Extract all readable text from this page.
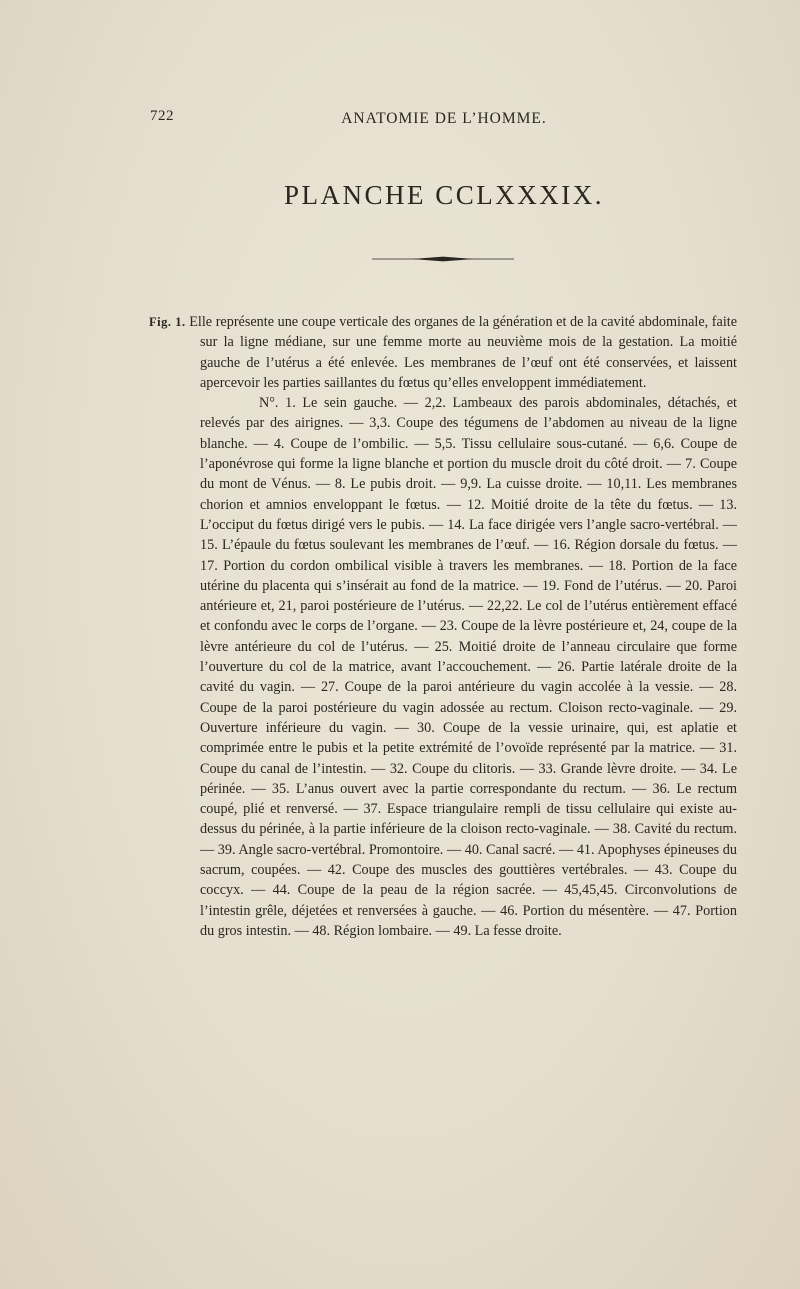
722	ANATOMIE DE L’HOMME.
PLANCHE CCLXXXIX.

Fig. 1. Elle représente une coupe verticale des organes de la génération et de la cavité abdominale, faite sur la ligne médiane, sur une femme morte au neuvième mois de la gestation. La moitié gauche de l’utérus a été enlevée. Les membranes de l’œuf ont été conservées, et laissent apercevoir les parties saillantes du fœtus qu’elles enveloppent immédiatement.

N°. 1. Le sein gauche. — 2,2. Lambeaux des parois abdominales, détachés, et relevés par des airignes. — 3,3. Coupe des tégumens de l’abdomen au niveau de la ligne blanche. — 4. Coupe de l’ombilic. — 5,5. Tissu cellulaire sous-cutané. — 6,6. Coupe de l’aponévrose qui forme la ligne blanche et portion du muscle droit du côté droit. — 7. Coupe du mont de Vénus. — 8. Le pubis droit. — 9,9. La cuisse droite. — 10,11. Les membranes chorion et amnios enveloppant le fœtus. — 12. Moitié droite de la tête du fœtus. — 13. L’occiput du fœtus dirigé vers le pubis. — 14. La face dirigée vers l’angle sacro-vertébral. — 15. L’épaule du fœtus soulevant les membranes de l’œuf. — 16. Région dorsale du fœtus. — 17. Portion du cordon ombilical visible à travers les membranes. — 18. Portion de la face utérine du placenta qui s’insérait au fond de la matrice. — 19. Fond de l’utérus. — 20. Paroi antérieure et, 21, paroi postérieure de l’utérus. — 22,22. Le col de l’utérus entièrement effacé et confondu avec le corps de l’organe. — 23. Coupe de la lèvre postérieure et, 24, coupe de la lèvre antérieure du col de l’utérus. — 25. Moitié droite de l’anneau circulaire que forme l’ouverture du col de la matrice, avant l’accouchement. — 26. Partie latérale droite de la cavité du vagin. — 27. Coupe de la paroi antérieure du vagin accolée à la vessie. — 28. Coupe de la paroi postérieure du vagin adossée au rectum. Cloison recto-vaginale. — 29. Ouverture inférieure du vagin. — 30. Coupe de la vessie urinaire, qui, est aplatie et comprimée entre le pubis et la petite extrémité de l’ovoïde représenté par la matrice. — 31. Coupe du canal de l’intestin. — 32. Coupe du clitoris. — 33. Grande lèvre droite. — 34. Le périnée. — 35. L’anus ouvert avec la partie correspondante du rectum. — 36. Le rectum coupé, plié et renversé. — 37. Espace triangulaire rempli de tissu cellulaire qui existe au-dessus du périnée, à la partie inférieure de la cloison recto-vaginale. — 38. Cavité du rectum. — 39. Angle sacro-vertébral. Promontoire. — 40. Canal sacré. — 41. Apophyses épineuses du sacrum, coupées. — 42. Coupe des muscles des gouttières vertébrales. — 43. Coupe du coccyx. — 44. Coupe de la peau de la région sacrée. — 45,45,45. Circonvolutions de l’intestin grêle, déjetées et renversées à gauche. — 46. Portion du mésentère. — 47. Portion du gros intestin. — 48. Région lombaire. — 49. La fesse droite.
